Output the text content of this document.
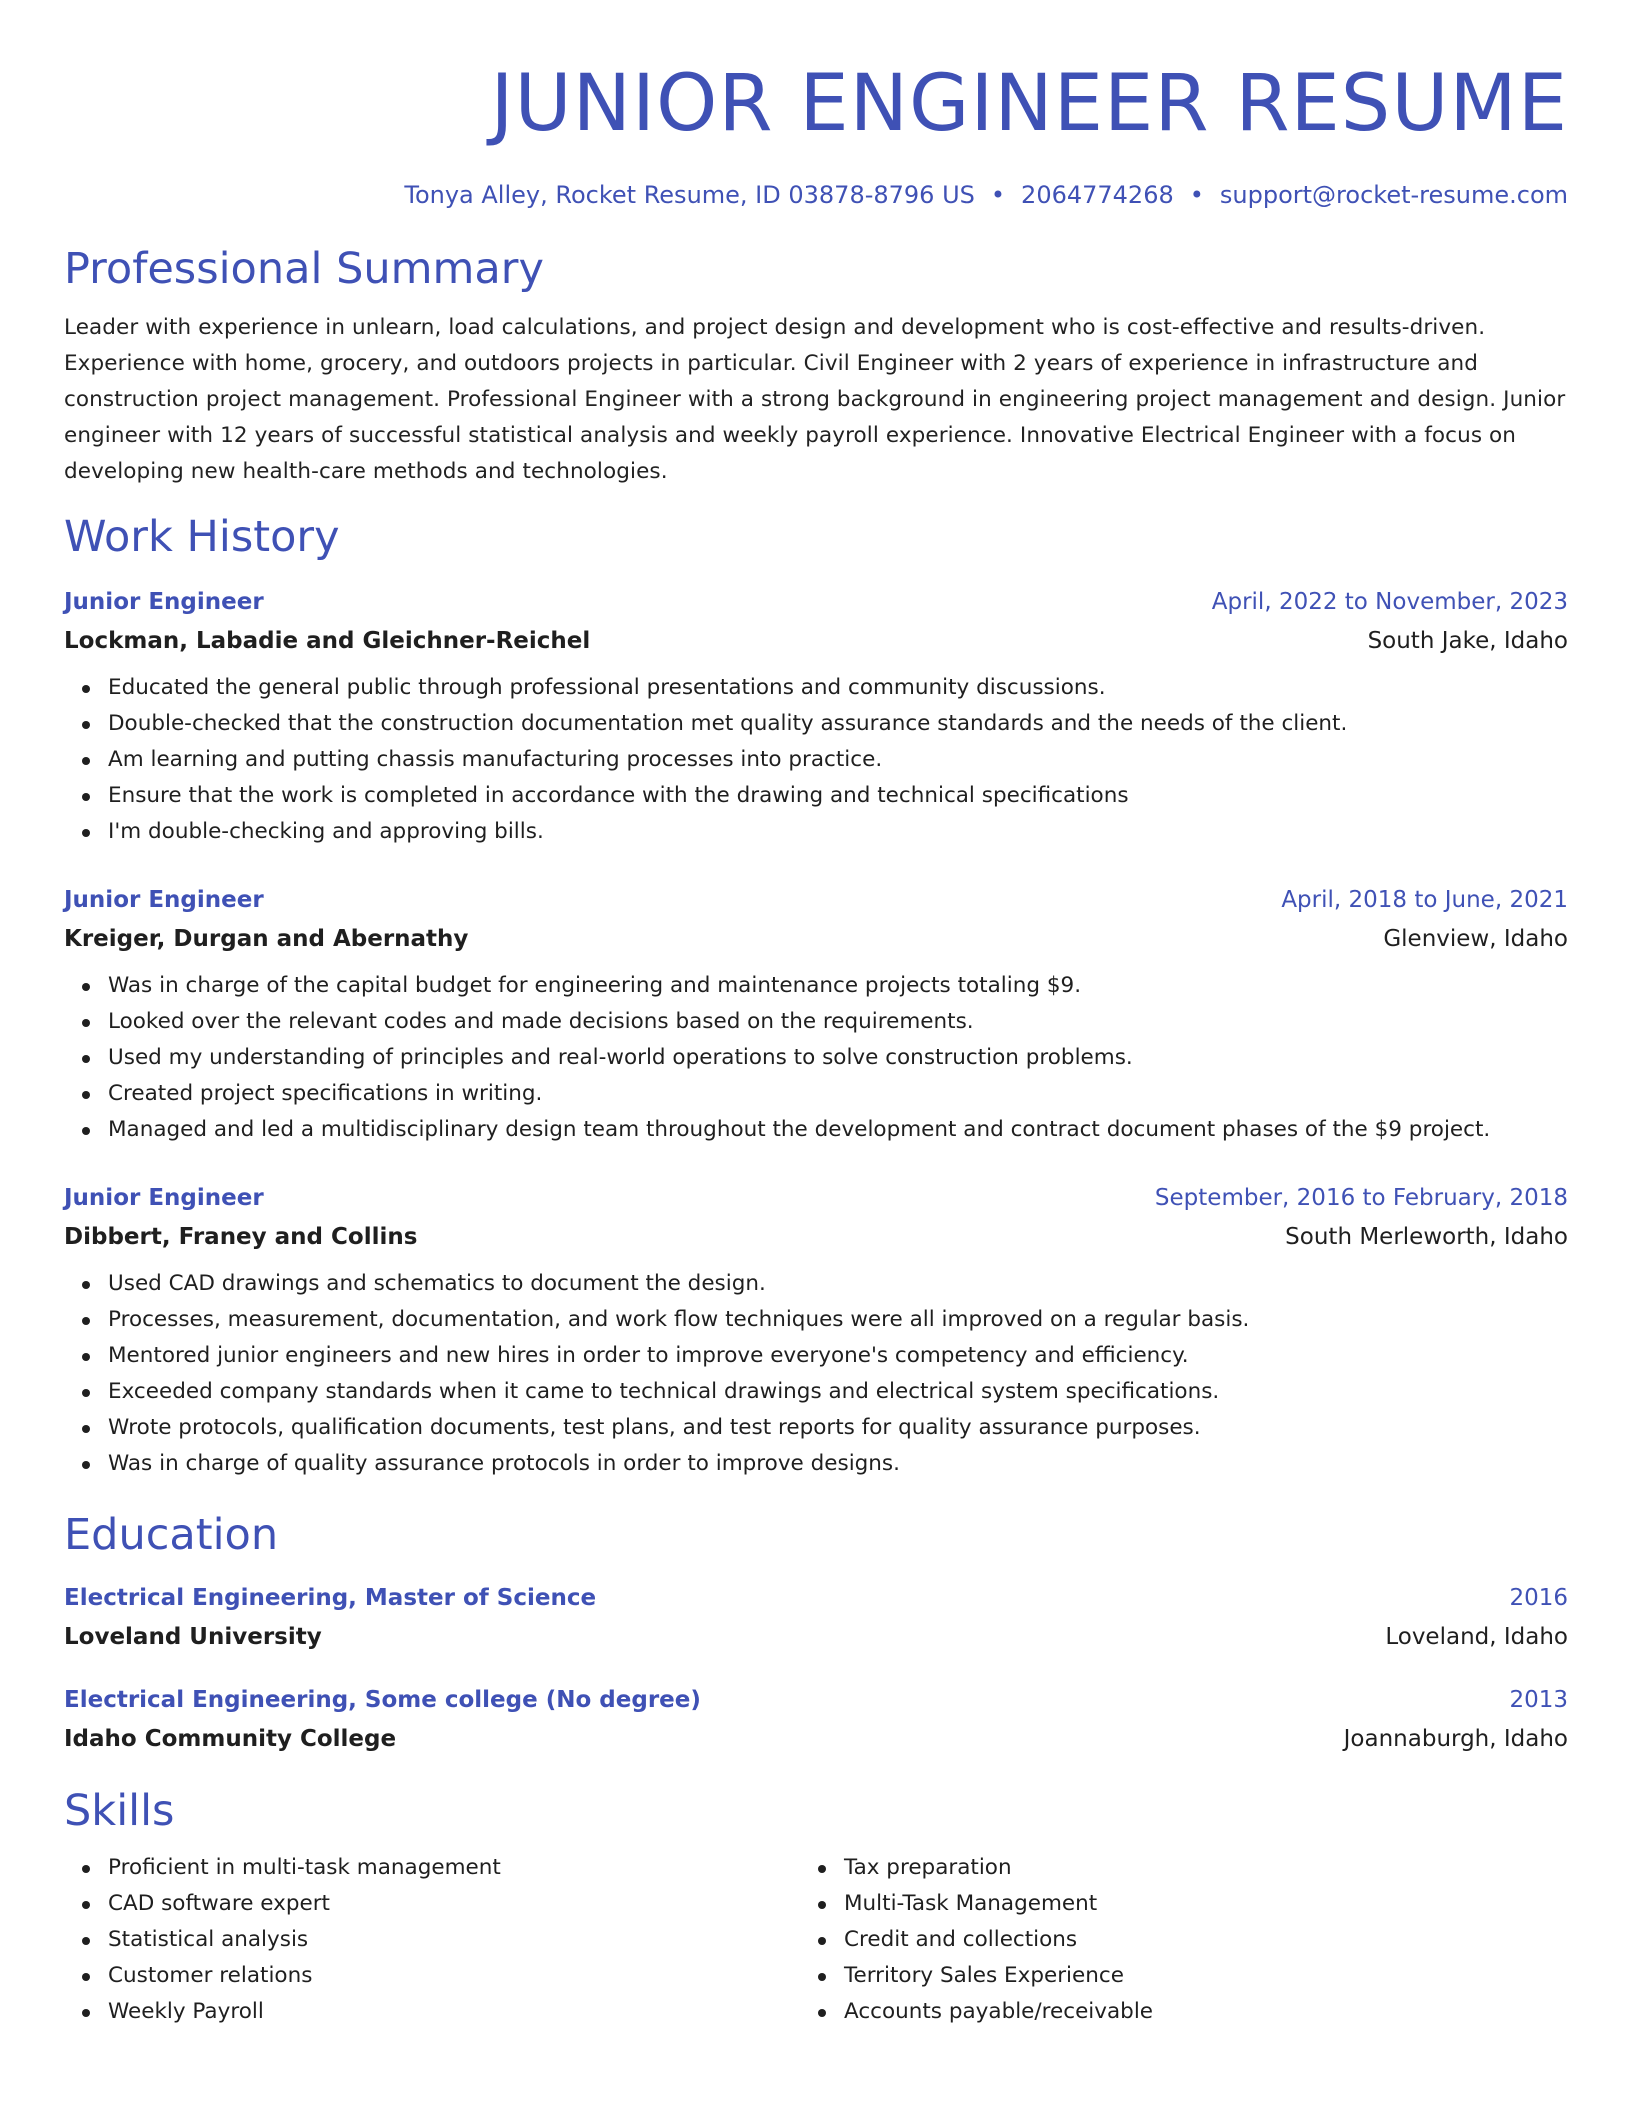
JUNIOR ENGINEER RESUME
Tonya Alley, Rocket Resume, ID 03878-8796 US • 2064774268 • support@rocket-resume.com
Professional Summary
Leader with experience in unlearn, load calculations, and project design and development who is cost-effective and results-driven. Experience with home, grocery, and outdoors projects in particular. Civil Engineer with 2 years of experience in infrastructure and construction project management. Professional Engineer with a strong background in engineering project management and design. Junior engineer with 12 years of successful statistical analysis and weekly payroll experience. Innovative Electrical Engineer with a focus on developing new health-care methods and technologies.
Work History
Junior Engineer	April, 2022 to November, 2023
Lockman, Labadie and Gleichner-Reichel	South Jake, Idaho
Educated the general public through professional presentations and community discussions.
Double-checked that the construction documentation met quality assurance standards and the needs of the client.
Am learning and putting chassis manufacturing processes into practice.
Ensure that the work is completed in accordance with the drawing and technical specifications
I'm double-checking and approving bills.
Junior Engineer	April, 2018 to June, 2021
Kreiger, Durgan and Abernathy	Glenview, Idaho
Was in charge of the capital budget for engineering and maintenance projects totaling $9.
Looked over the relevant codes and made decisions based on the requirements.
Used my understanding of principles and real-world operations to solve construction problems.
Created project specifications in writing.
Managed and led a multidisciplinary design team throughout the development and contract document phases of the $9 project.
Junior Engineer	September, 2016 to February, 2018
Dibbert, Franey and Collins	South Merleworth, Idaho
Used CAD drawings and schematics to document the design.
Processes, measurement, documentation, and work flow techniques were all improved on a regular basis.
Mentored junior engineers and new hires in order to improve everyone's competency and efficiency.
Exceeded company standards when it came to technical drawings and electrical system specifications.
Wrote protocols, qualification documents, test plans, and test reports for quality assurance purposes.
Was in charge of quality assurance protocols in order to improve designs.
Education
Electrical Engineering, Master of Science	2016
Loveland University	Loveland, Idaho
Electrical Engineering, Some college (No degree)	2013
Idaho Community College	Joannaburgh, Idaho
Skills
Proficient in multi-task management
CAD software expert
Statistical analysis
Customer relations
Weekly Payroll
Tax preparation
Multi-Task Management
Credit and collections
Territory Sales Experience
Accounts payable/receivable
